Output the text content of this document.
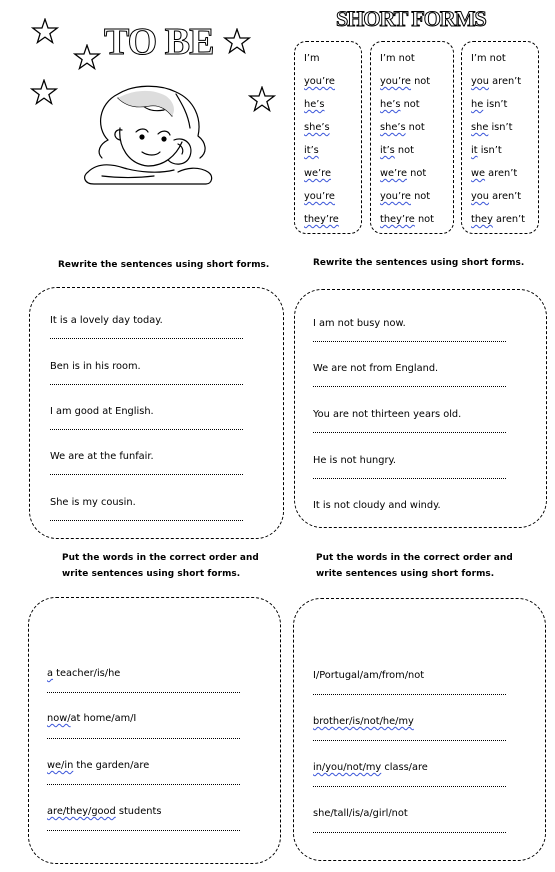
TO BE
SHORT FORMS
I’m
you’re
he’s
she’s
it’s
we’re
you’re
they’re
I’m not
you’re not
he’s not
she’s not
it’s not
we’re not
you’re not
they’re not
I’m not
you aren’t
he isn’t
she isn’t
it isn’t
we aren’t
you aren’t
they aren’t
Rewrite the sentences using short forms.	Rewrite the sentences using short forms.
Put the words in the correct order and
write sentences using short forms.
Put the words in the correct order and
write sentences using short forms.
It is a lovely day today.
Ben is in his room.
I am good at English.
We are at the funfair.
She is my cousin.
I am not busy now.
We are not from England.
You are not thirteen years old.
He is not hungry.
It is not cloudy and windy.
a teacher/is/he
now/at home/am/I
we/in the garden/are
are/they/good students
I/Portugal/am/from/not
brother/is/not/he/my
in/you/not/my class/are
she/tall/is/a/girl/not
